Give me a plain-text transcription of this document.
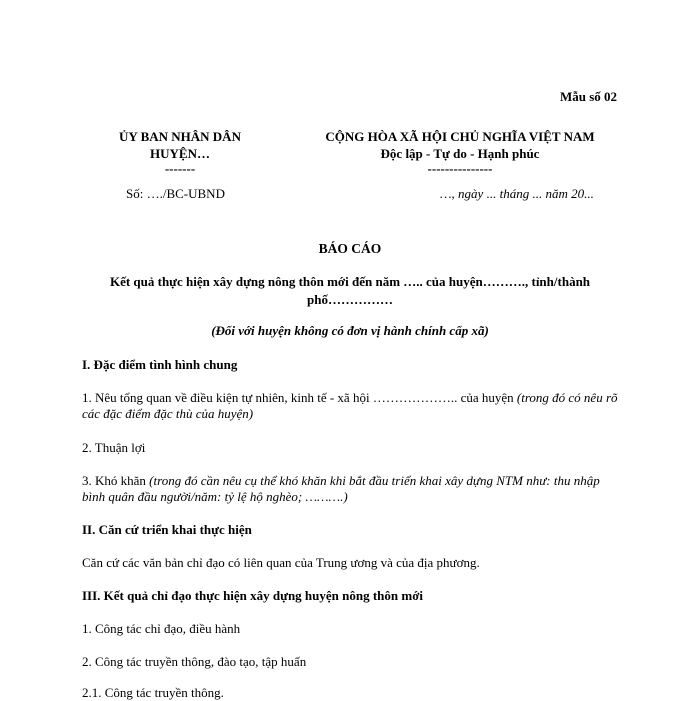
Mẫu số 02
ỦY BAN NHÂN DÂN
HUYỆN…
-------
CỘNG HÒA XÃ HỘI CHỦ NGHĨA VIỆT NAM
Độc lập - Tự do - Hạnh phúc
---------------
Số: …./BC-UBND	…, ngày ... tháng ... năm 20...
BÁO CÁO
Kết quả thực hiện xây dựng nông thôn mới đến năm ….. của huyện………., tỉnh/thành phố……………
(Đối với huyện không có đơn vị hành chính cấp xã)
I. Đặc điểm tình hình chung
1. Nêu tổng quan về điều kiện tự nhiên, kinh tế - xã hội ……………….. của huyện (trong đó có nêu rõ các đặc điểm đặc thù của huyện)
2. Thuận lợi
3. Khó khăn (trong đó cần nêu cụ thể khó khăn khi bắt đầu triển khai xây dựng NTM như: thu nhập bình quân đầu người/năm: tỷ lệ hộ nghèo; ……….)
II. Căn cứ triển khai thực hiện
Căn cứ các văn bản chỉ đạo có liên quan của Trung ương và của địa phương.
III. Kết quả chỉ đạo thực hiện xây dựng huyện nông thôn mới
1. Công tác chỉ đạo, điều hành
2. Công tác truyền thông, đào tạo, tập huấn
2.1. Công tác truyền thông.
